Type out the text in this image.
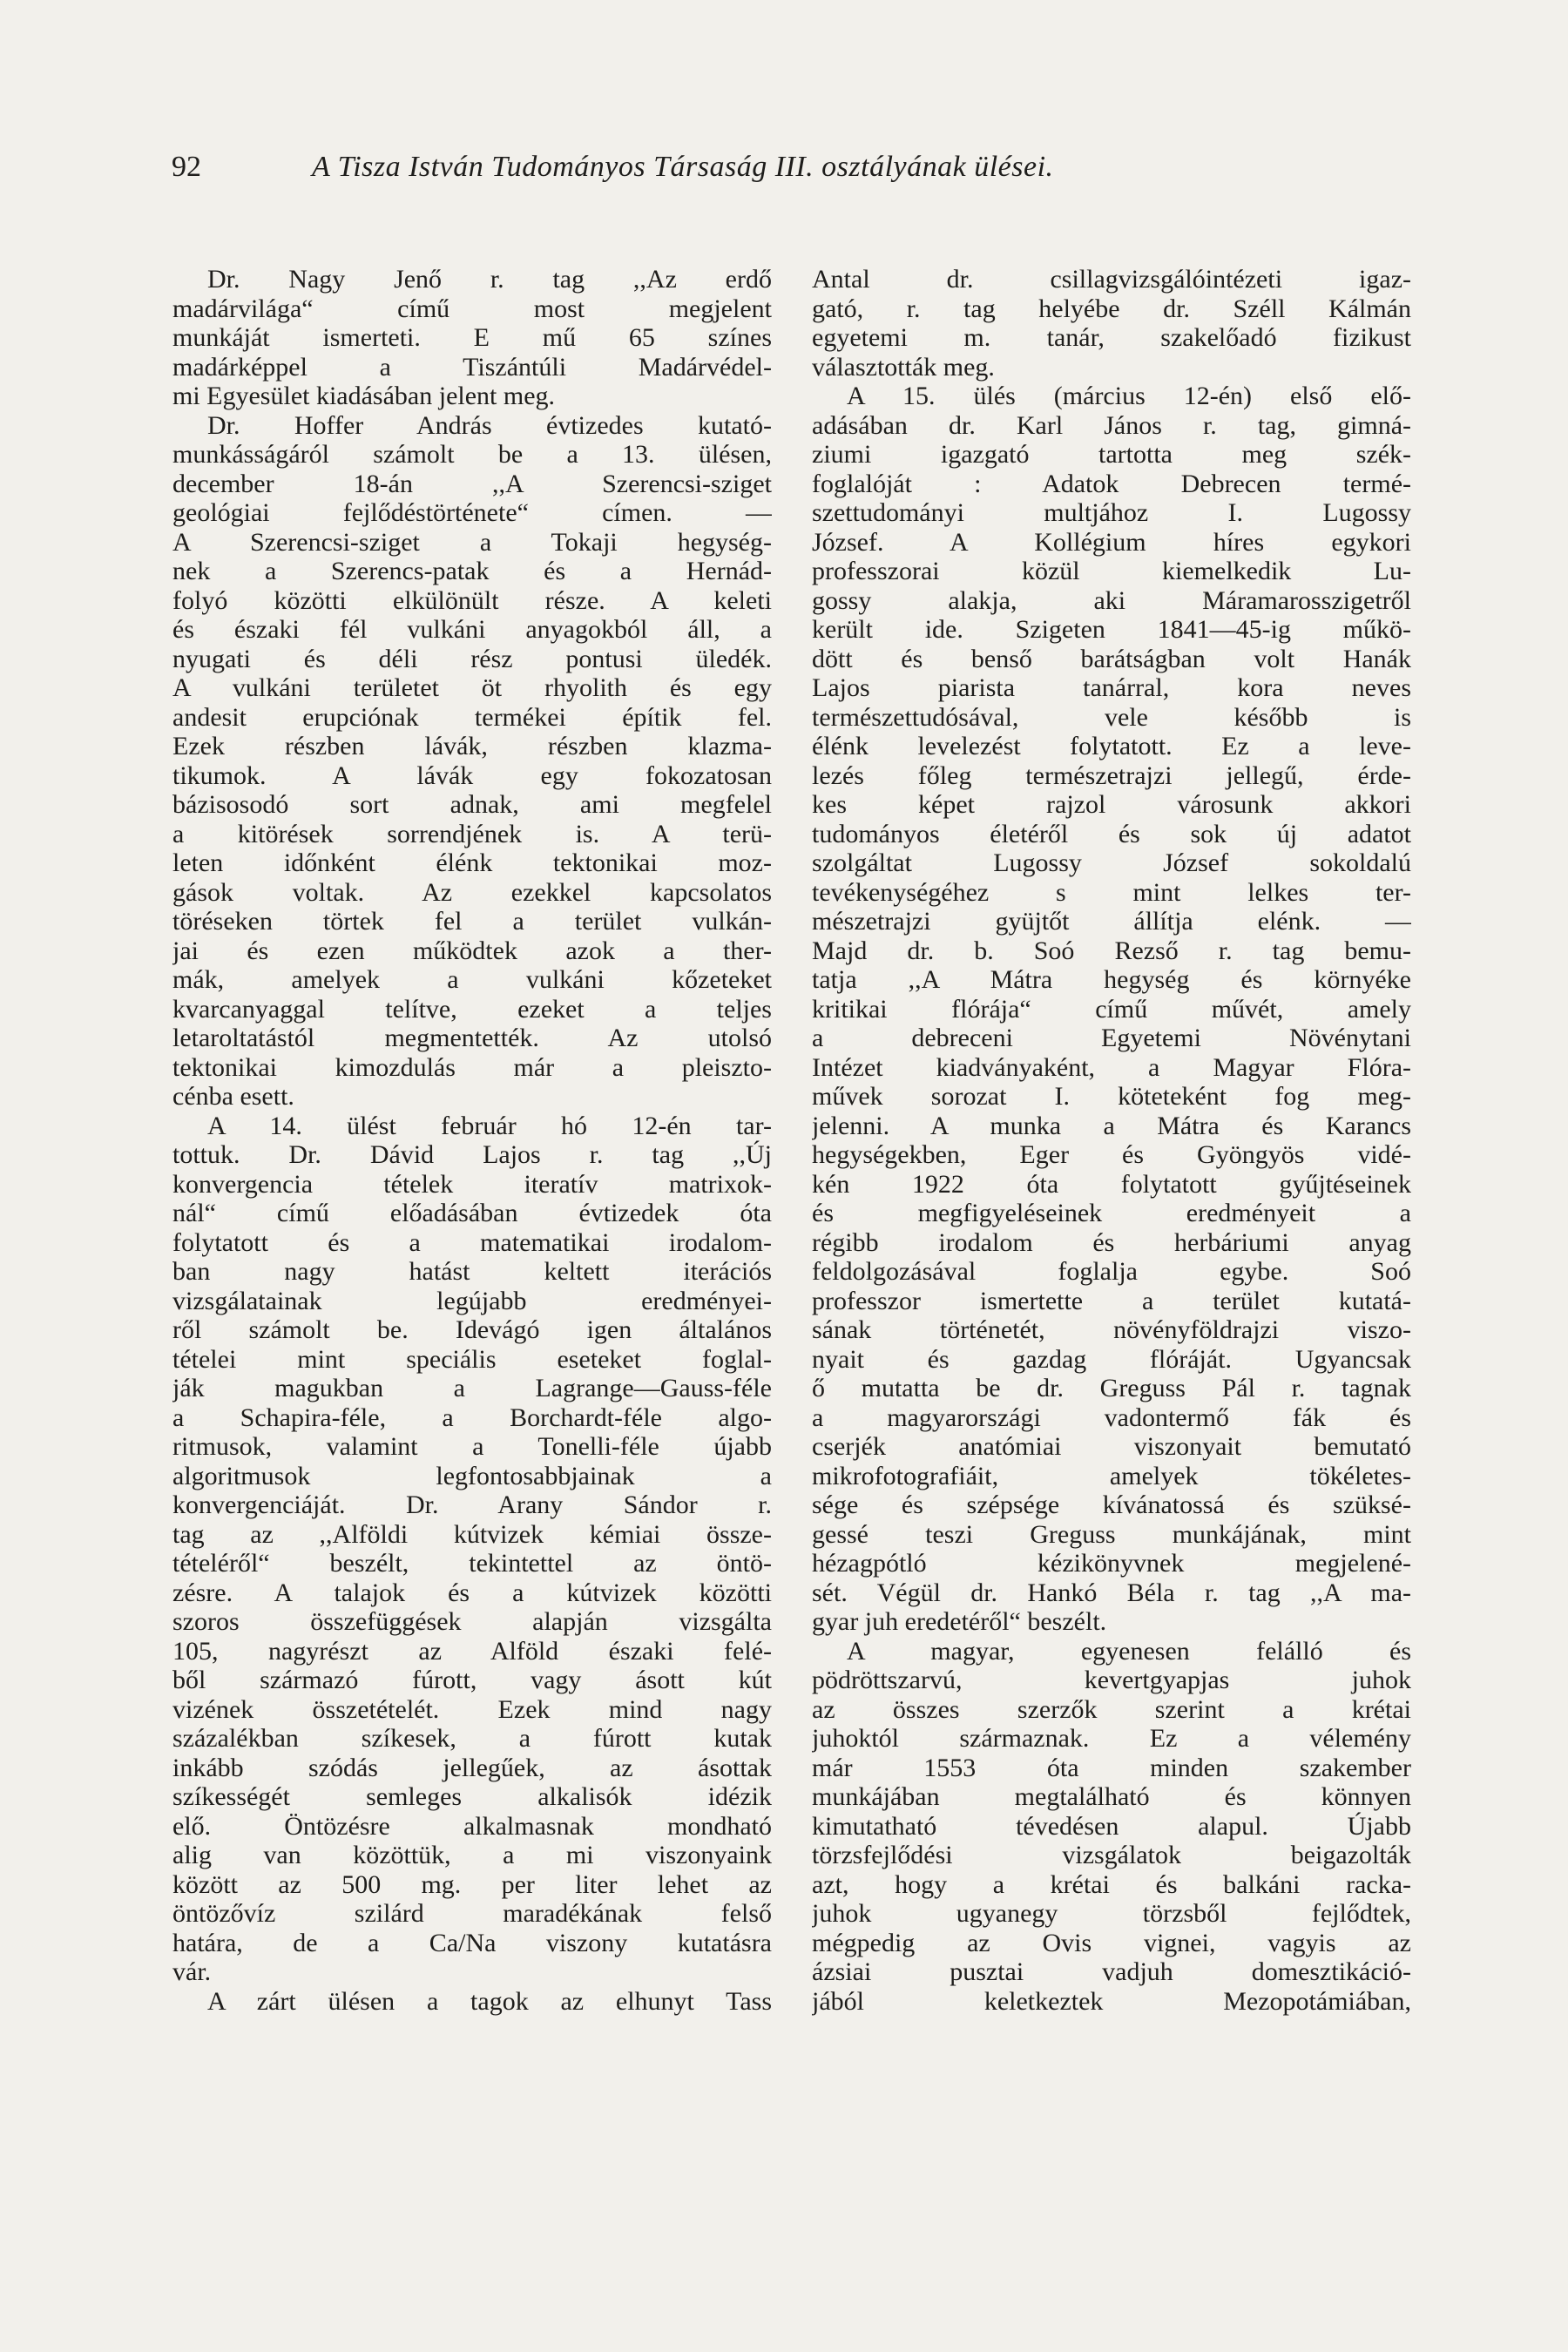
92	A Tisza István Tudományos Társaság III. osztályának ülései.
Dr. Nagy Jenő r. tag ,,Az erdő
madárvilága“ című most megjelent
munkáját ismerteti. E mű 65 színes
madárképpel a Tiszántúli Madárvédel-
mi Egyesület kiadásában jelent meg.
Dr. Hoffer András évtizedes kutató-
munkásságáról számolt be a 13. ülésen,
december 18-án ,,A Szerencsi-sziget
geológiai fejlődéstörténete“ címen. —
A Szerencsi-sziget a Tokaji hegység-
nek a Szerencs-patak és a Hernád-
folyó közötti elkülönült része. A keleti
és északi fél vulkáni anyagokból áll, a
nyugati és déli rész pontusi üledék.
A vulkáni területet öt rhyolith és egy
andesit erupciónak termékei építik fel.
Ezek részben lávák, részben klazma-
tikumok. A lávák egy fokozatosan
bázisosodó sort adnak, ami megfelel
a kitörések sorrendjének is. A terü-
leten időnként élénk tektonikai moz-
gások voltak. Az ezekkel kapcsolatos
töréseken törtek fel a terület vulkán-
jai és ezen működtek azok a ther-
mák, amelyek a vulkáni kőzeteket
kvarcanyaggal telítve, ezeket a teljes
letaroltatástól megmentették. Az utolsó
tektonikai kimozdulás már a pleiszto-
cénba esett.
A 14. ülést február hó 12-én tar-
tottuk. Dr. Dávid Lajos r. tag ,,Új
konvergencia tételek iteratív matrixok-
nál“ című előadásában évtizedek óta
folytatott és a matematikai irodalom-
ban nagy hatást keltett iterációs
vizsgálatainak legújabb eredményei-
ről számolt be. Idevágó igen általános
tételei mint speciális eseteket foglal-
ják magukban a Lagrange—Gauss-féle
a Schapira-féle, a Borchardt-féle algo-
ritmusok, valamint a Tonelli-féle újabb
algoritmusok legfontosabbjainak a
konvergenciáját. Dr. Arany Sándor r.
tag az ,,Alföldi kútvizek kémiai össze-
tételéről“ beszélt, tekintettel az öntö-
zésre. A talajok és a kútvizek közötti
szoros összefüggések alapján vizsgálta
105, nagyrészt az Alföld északi felé-
ből származó fúrott, vagy ásott kút
vizének összetételét. Ezek mind nagy
százalékban szíkesek, a fúrott kutak
inkább szódás jellegűek, az ásottak
szíkességét semleges alkalisók idézik
elő. Öntözésre alkalmasnak mondható
alig van közöttük, a mi viszonyaink
között az 500 mg. per liter lehet az
öntözővíz szilárd maradékának felső
határa, de a Ca/Na viszony kutatásra
vár.
A zárt ülésen a tagok az elhunyt Tass
Antal dr. csillagvizsgálóintézeti igaz-
gató, r. tag helyébe dr. Széll Kálmán
egyetemi m. tanár, szakelőadó fizikust
választották meg.
A 15. ülés (március 12-én) első elő-
adásában dr. Karl János r. tag, gimná-
ziumi igazgató tartotta meg szék-
foglalóját : Adatok Debrecen termé-
szettudományi multjához I. Lugossy
József. A Kollégium híres egykori
professzorai közül kiemelkedik Lu-
gossy alakja, aki Máramarosszigetről
került ide. Szigeten 1841—45-ig műkö-
dött és benső barátságban volt Hanák
Lajos piarista tanárral, kora neves
természettudósával, vele később is
élénk levelezést folytatott. Ez a leve-
lezés főleg természetrajzi jellegű, érde-
kes képet rajzol városunk akkori
tudományos életéről és sok új adatot
szolgáltat Lugossy József sokoldalú
tevékenységéhez s mint lelkes ter-
mészetrajzi gyüjtőt állítja elénk. —
Majd dr. b. Soó Rezső r. tag bemu-
tatja ,,A Mátra hegység és környéke
kritikai flórája“ című művét, amely
a debreceni Egyetemi Növénytani
Intézet kiadványaként, a Magyar Flóra-
művek sorozat I. köteteként fog meg-
jelenni. A munka a Mátra és Karancs
hegységekben, Eger és Gyöngyös vidé-
kén 1922 óta folytatott gyűjtéseinek
és megfigyeléseinek eredményeit a
régibb irodalom és herbáriumi anyag
feldolgozásával foglalja egybe. Soó
professzor ismertette a terület kutatá-
sának történetét, növényföldrajzi viszo-
nyait és gazdag flóráját. Ugyancsak
ő mutatta be dr. Greguss Pál r. tagnak
a magyarországi vadontermő fák és
cserjék anatómiai viszonyait bemutató
mikrofotografiáit, amelyek tökéletes-
sége és szépsége kívánatossá és szüksé-
gessé teszi Greguss munkájának, mint
hézagpótló kézikönyvnek megjelené-
sét. Végül dr. Hankó Béla r. tag ,,A ma-
gyar juh eredetéről“ beszélt.
A magyar, egyenesen felálló és
pödröttszarvú, kevertgyapjas juhok
az összes szerzők szerint a krétai
juhoktól származnak. Ez a vélemény
már 1553 óta minden szakember
munkájában megtalálható és könnyen
kimutatható tévedésen alapul. Újabb
törzsfejlődési vizsgálatok beigazolták
azt, hogy a krétai és balkáni racka-
juhok ugyanegy törzsből fejlődtek,
mégpedig az Ovis vignei, vagyis az
ázsiai pusztai vadjuh domesztikáció-
jából keletkeztek Mezopotámiában,
